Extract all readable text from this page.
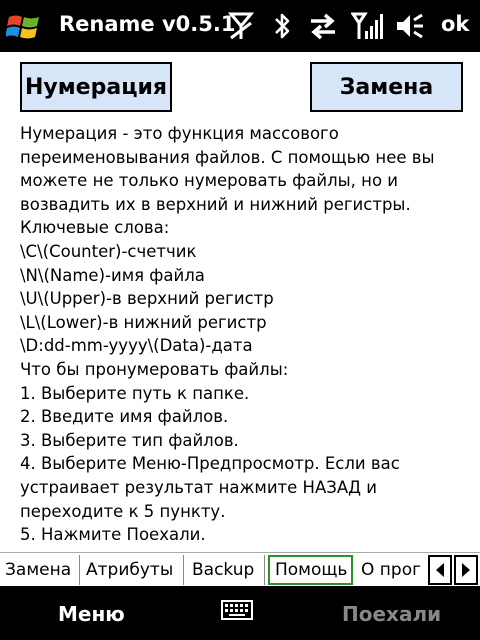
Rename v0.5.1	ok
Нумерация	Замена

Нумерация - это функция массового

переименовывания файлов. С помощью нее вы

можете не только нумеровать файлы, но и

возвадить их в верхний и нижний регистры.

Ключевые слова:

\C\(Counter)-счетчик

\N\(Name)-имя файла

\U\(Upper)-в верхний регистр

\L\(Lower)-в нижний регистр

\D:dd-mm-yyyy\(Data)-дата

Что бы пронумеровать файлы:

1. Выберите путь к папке.

2. Введите имя файлов.

3. Выберите тип файлов.

4. Выберите Меню-Предпросмотр. Если вас

устраивает результат нажмите НАЗАД и

переходите к 5 пункту.

5. Нажмите Поехали.

Замена Атрибуты	Backup	Помощь О прог
Меню	Поехали
